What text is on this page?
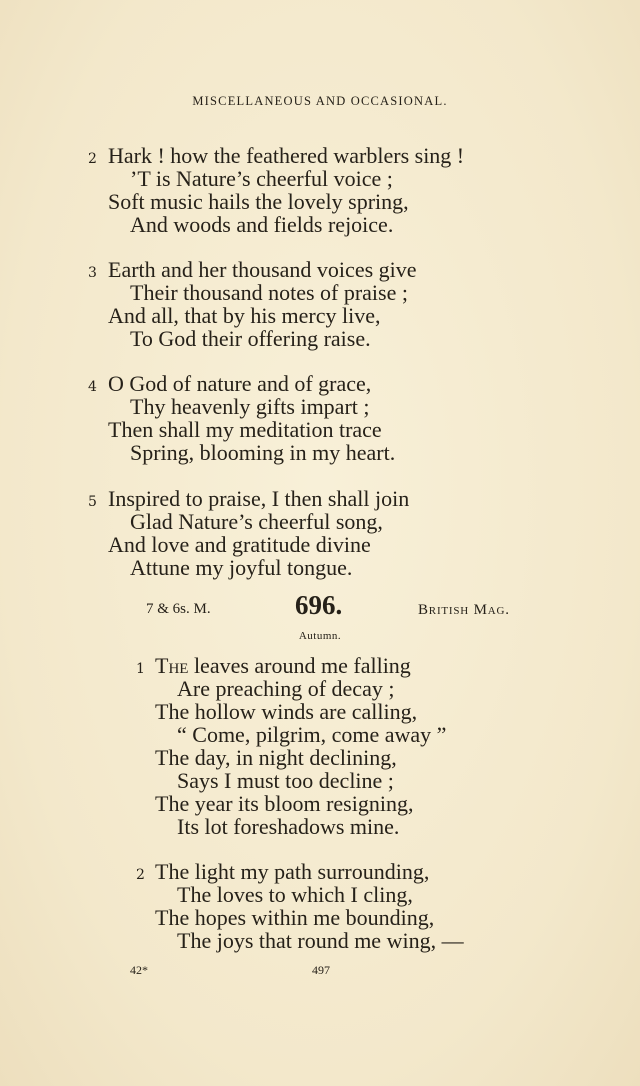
MISCELLANEOUS AND OCCASIONAL.
2 Hark ! how the feathered warblers sing !
’T is Nature’s cheerful voice ;
Soft music hails the lovely spring,
And woods and fields rejoice.
3 Earth and her thousand voices give
Their thousand notes of praise ;
And all, that by his mercy live,
To God their offering raise.
4 O God of nature and of grace,
Thy heavenly gifts impart ;
Then shall my meditation trace
Spring, blooming in my heart.
5 Inspired to praise, I then shall join
Glad Nature’s cheerful song,
And love and gratitude divine
Attune my joyful tongue.
7 & 6s. M.	696.	British Mag.
Autumn.
1 The leaves around me falling
Are preaching of decay ;
The hollow winds are calling,
“ Come, pilgrim, come away ”
The day, in night declining,
Says I must too decline ;
The year its bloom resigning,
Its lot foreshadows mine.
2 The light my path surrounding,
The loves to which I cling,
The hopes within me bounding,
The joys that round me wing, —
42*	497
